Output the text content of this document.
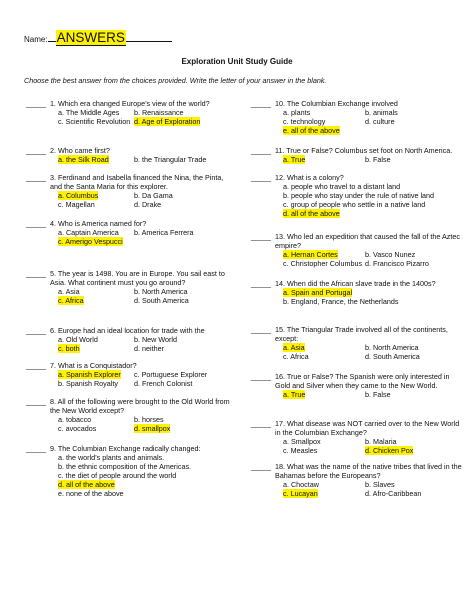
Name: ANSWERS
Exploration Unit Study Guide
Choose the best answer from the choices provided. Write the letter of your answer in the blank.
_____ 1. Which era changed Europe’s view of the world?
a. The Middle Ages	b. Renaissance
c. Scientific Revolution d. Age of Exploration
_____ 2. Who came first?
a. the Silk Road	b. the Triangular Trade
_____ 3. Ferdinand and Isabella financed the Nina, the Pinta, and the Santa Maria for this explorer.
a. Columbus	b. Da Gama
c. Magellan	d. Drake
_____ 4. Who is America named for?
a. Captain America	b. America Ferrera
c. Amerigo Vespucci
_____ 5. The year is 1498. You are in Europe. You sail east to Asia. What continent must you go around?
a. Asia	b. North America
c. Africa	d. South America
_____ 6. Europe had an ideal location for trade with the
a. Old World	b. New World
c. both	d. neither
_____ 7. What is a Conquistador?
a. Spanish Explorer	c. Portuguese Explorer
b. Spanish Royalty	d. French Colonist
_____ 8. All of the following were brought to the Old World from the New World except?
a. tobacco	b. horses
c. avocados	d. smallpox
_____ 9. The Columbian Exchange radically changed:
a. the world’s plants and animals.
b. the ethnic composition of the Americas.
c. the diet of people around the world
d. all of the above
e. none of the above
_____ 10. The Columbian Exchange involved
a. plants	b. animals
c. technology	d. culture
e. all of the above
_____ 11. True or False? Columbus set foot on North America.
a. True	b. False
_____ 12. What is a colony?
a. people who travel to a distant land
b. people who stay under the rule of native land
c. group of people who settle in a native land
d. all of the above
_____ 13. Who led an expedition that caused the fall of the Aztec empire?
a. Hernan Cortes	b. Vasco Nunez
c. Christopher Columbus d. Francisco Pizarro
_____ 14. When did the African slave trade in the 1400s?
a. Spain and Portugal
b. England, France, the Netherlands
_____ 15. The Triangular Trade involved all of the continents, except:
a. Asia	b. North America
c. Africa	d. South America
_____ 16. True or False? The Spanish were only interested in Gold and Silver when they came to the New World.
a. True	b. False
_____ 17. What disease was NOT carried over to the New World in the Columbian Exchange?
a. Smallpox	b. Malaria
c. Measles	d. Chicken Pox
_____ 18. What was the name of the native tribes that lived in the Bahamas before the Europeans?
a. Choctaw	b. Slaves
c. Lucayan	d. Afro-Caribbean
